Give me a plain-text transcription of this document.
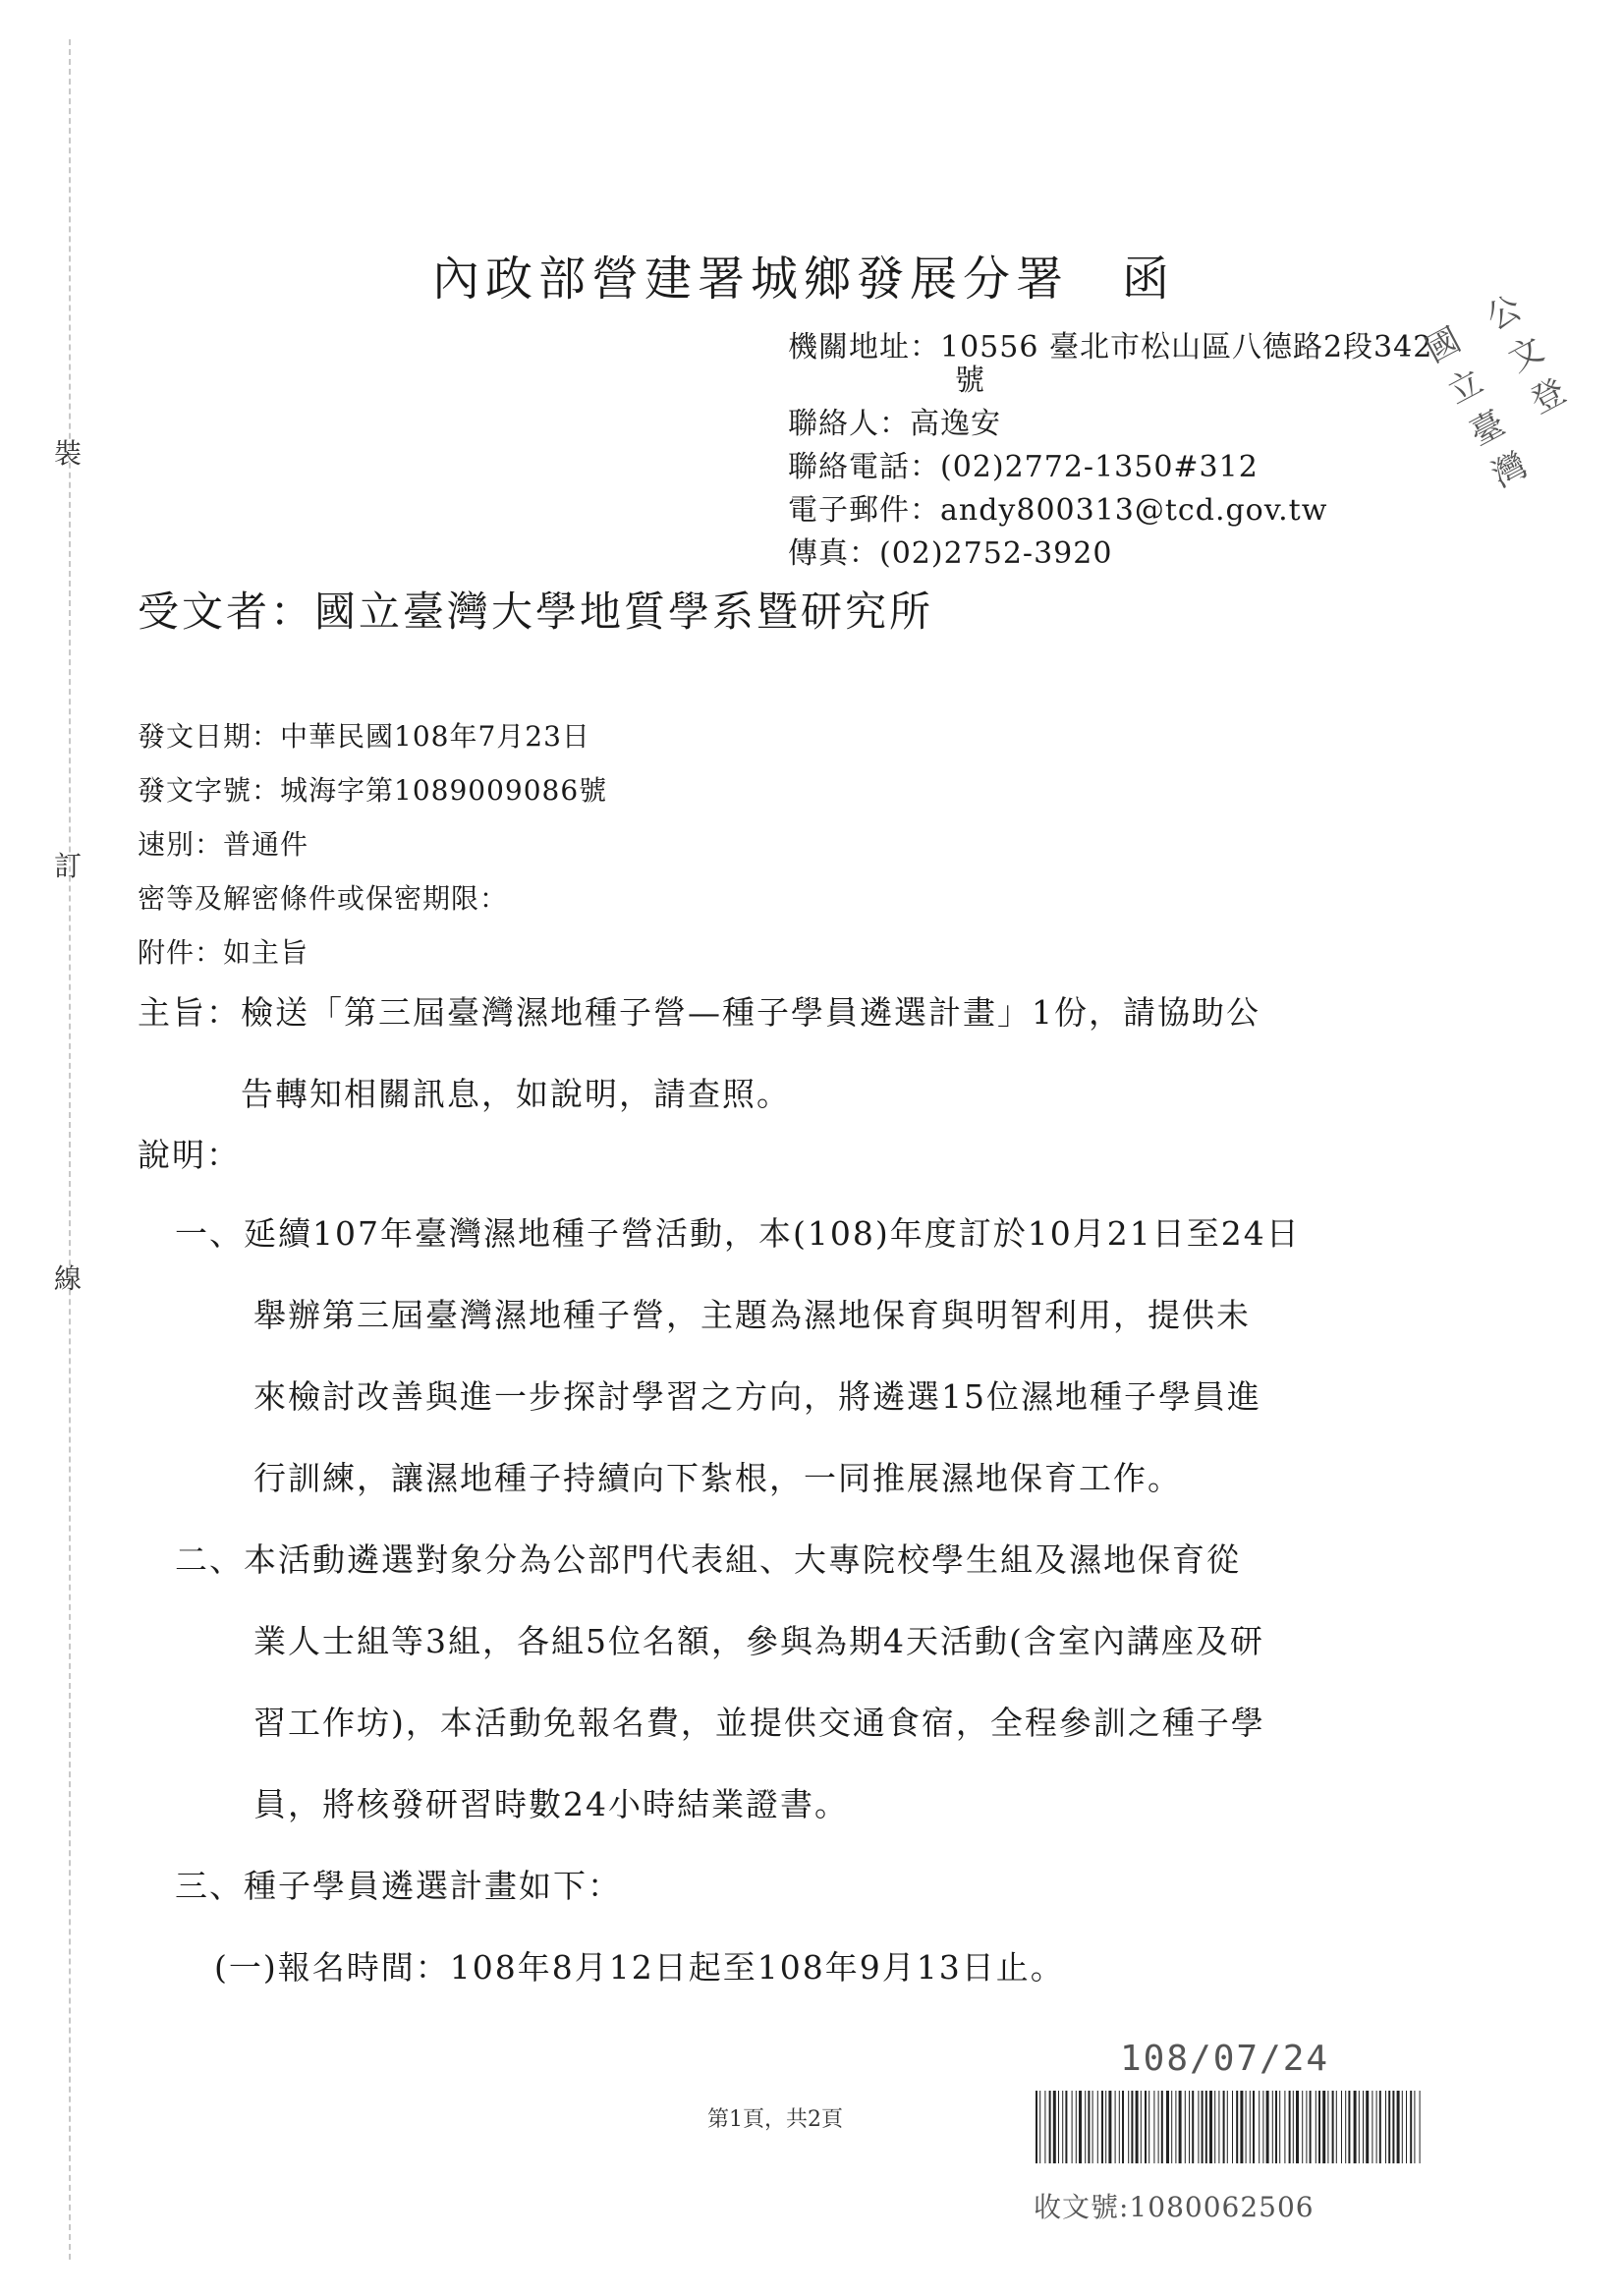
裝
訂
線
內政部營建署城鄉發展分署　函
機關地址：10556 臺北市松山區八德路2段342
號
聯絡人：高逸安
聯絡電話：(02)2772-1350#312
電子郵件：andy800313@tcd.gov.tw
傳真：(02)2752-3920
國立臺灣
公文登
受文者：國立臺灣大學地質學系暨研究所
發文日期：中華民國108年7月23日
發文字號：城海字第1089009086號
速別：普通件
密等及解密條件或保密期限：
附件：如主旨
主旨：檢送「第三屆臺灣濕地種子營—種子學員遴選計畫」1份，請協助公
告轉知相關訊息，如說明，請查照。
說明：
一、延續107年臺灣濕地種子營活動，本(108)年度訂於10月21日至24日
舉辦第三屆臺灣濕地種子營，主題為濕地保育與明智利用，提供未
來檢討改善與進一步探討學習之方向，將遴選15位濕地種子學員進
行訓練，讓濕地種子持續向下紮根，一同推展濕地保育工作。
二、本活動遴選對象分為公部門代表組、大專院校學生組及濕地保育從
業人士組等3組，各組5位名額，參與為期4天活動(含室內講座及研
習工作坊)，本活動免報名費，並提供交通食宿，全程參訓之種子學
員，將核發研習時數24小時結業證書。
三、種子學員遴選計畫如下：
(一)報名時間：108年8月12日起至108年9月13日止。
108/07/24
第1頁，共2頁
收文號:1080062506
